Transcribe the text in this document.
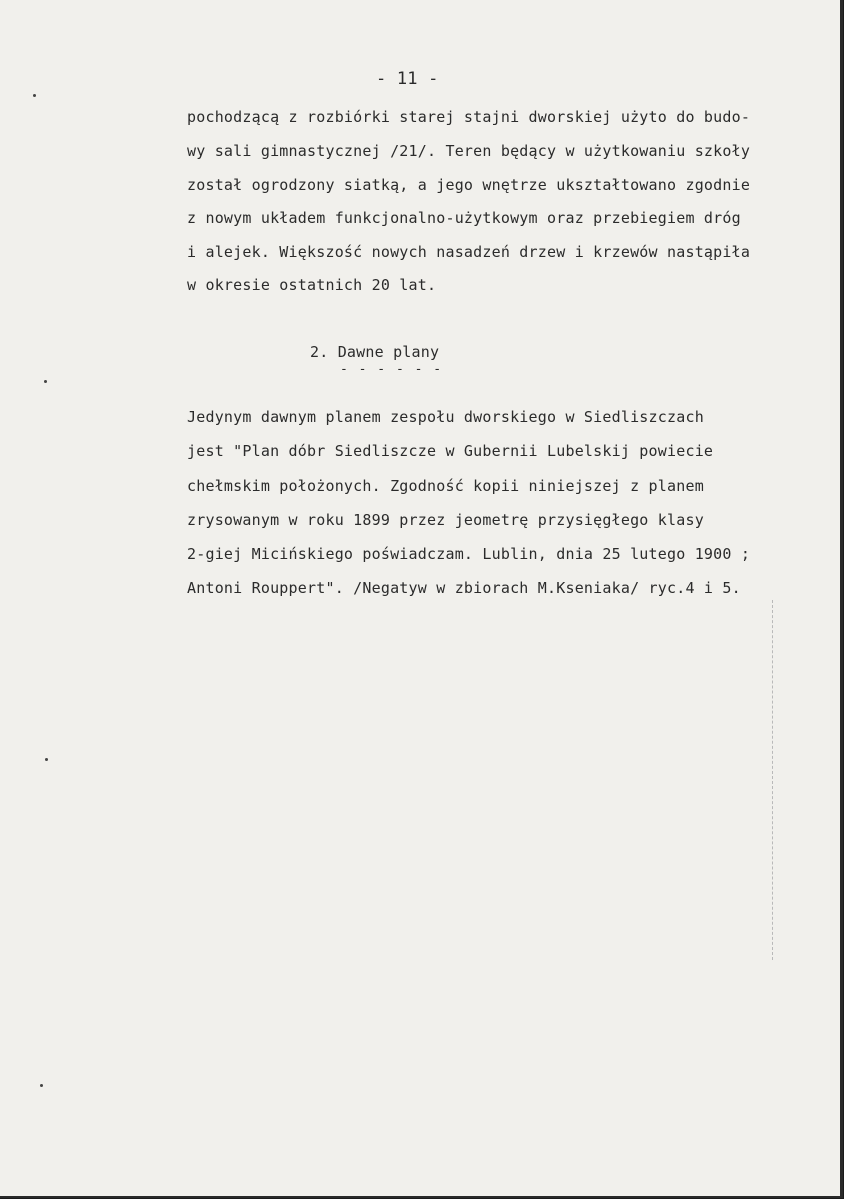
- 11 -
pochodzącą z rozbiórki starej stajni dworskiej użyto do budo-
wy sali gimnastycznej /21/. Teren będący w użytkowaniu szkoły
został ogrodzony siatką, a jego wnętrze ukształtowano zgodnie
z nowym układem funkcjonalno-użytkowym oraz przebiegiem dróg
i alejek. Większość nowych nasadzeń drzew i krzewów nastąpiła
w okresie ostatnich 20 lat.
2. Dawne plany
- - - - - -
Jedynym dawnym planem zespołu dworskiego w Siedliszczach
jest "Plan dóbr Siedliszcze w Gubernii Lubelskij powiecie
chełmskim położonych. Zgodność kopii niniejszej z planem
zrysowanym w roku 1899 przez jeometrę przysięgłego klasy
2-giej Micińskiego poświadczam. Lublin, dnia 25 lutego 1900 ;
Antoni Rouppert". /Negatyw w zbiorach M.Kseniaka/ ryc.4 i 5.
